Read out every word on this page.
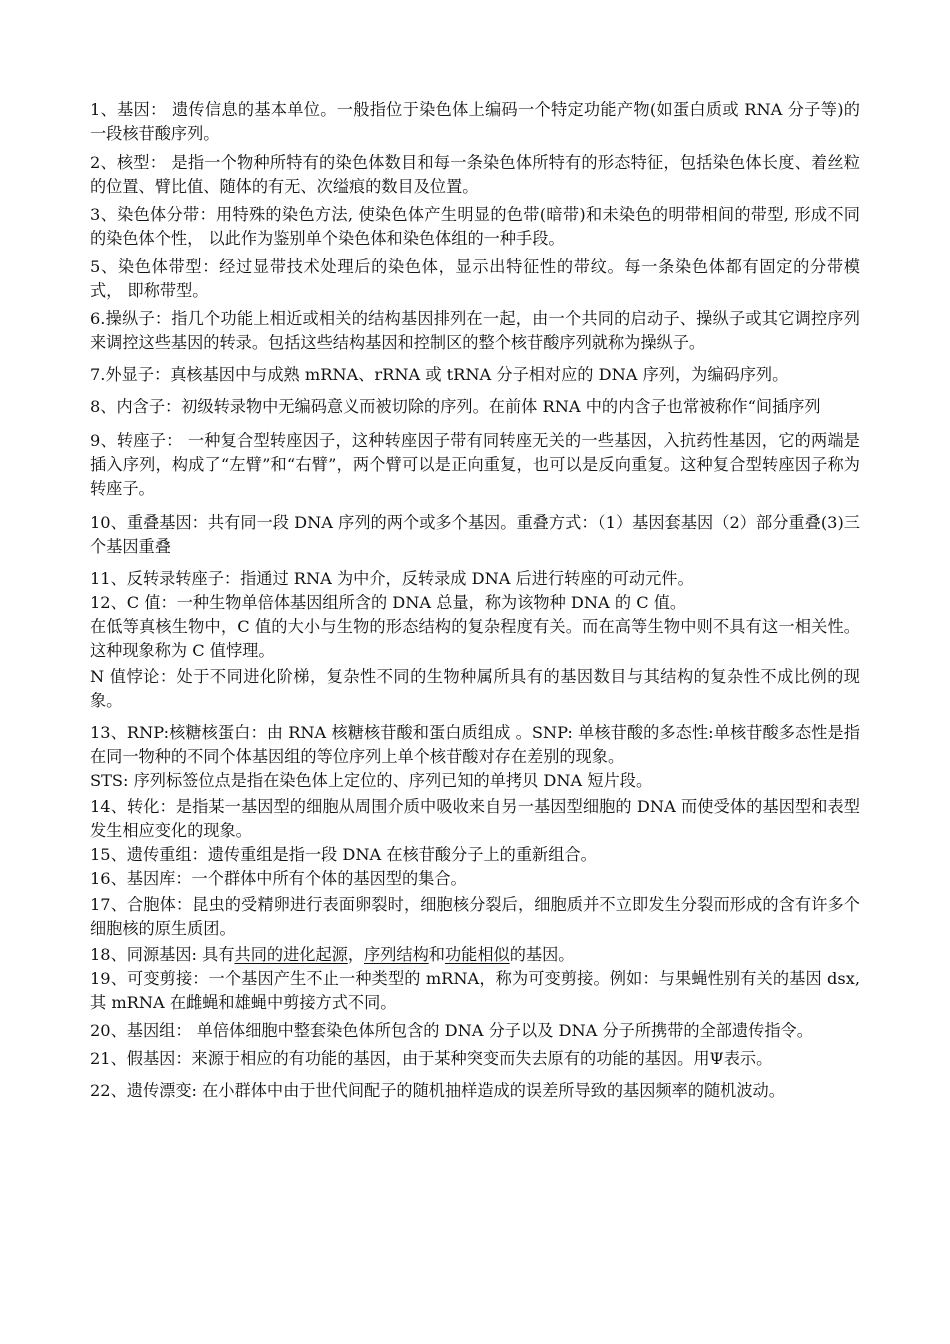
1、基因： 遗传信息的基本单位。一般指位于染色体上编码一个特定功能产物(如蛋白质或 RNA 分子等)的一段核苷酸序列。

2、核型： 是指一个物种所特有的染色体数目和每一条染色体所特有的形态特征，包括染色体长度、着丝粒的位置、臂比值、随体的有无、次缢痕的数目及位置。

3、染色体分带：用特殊的染色方法, 使染色体产生明显的色带(暗带)和未染色的明带相间的带型, 形成不同的染色体个性， 以此作为鉴别单个染色体和染色体组的一种手段。

5、染色体带型：经过显带技术处理后的染色体，显示出特征性的带纹。每一条染色体都有固定的分带模式， 即称带型。

6.操纵子：指几个功能上相近或相关的结构基因排列在一起，由一个共同的启动子、操纵子或其它调控序列来调控这些基因的转录。包括这些结构基因和控制区的整个核苷酸序列就称为操纵子。

7.外显子：真核基因中与成熟 mRNA、rRNA 或 tRNA 分子相对应的 DNA 序列，为编码序列。

8、内含子：初级转录物中无编码意义而被切除的序列。在前体 RNA 中的内含子也常被称作“间插序列

9、转座子： 一种复合型转座因子，这种转座因子带有同转座无关的一些基因，入抗药性基因，它的两端是插入序列，构成了“左臂”和“右臂”，两个臂可以是正向重复，也可以是反向重复。这种复合型转座因子称为转座子。

10、重叠基因：共有同一段 DNA 序列的两个或多个基因。重叠方式：（1）基因套基因（2）部分重叠(3)三个基因重叠

11、反转录转座子：指通过 RNA 为中介，反转录成 DNA 后进行转座的可动元件。

12、C 值：一种生物单倍体基因组所含的 DNA 总量，称为该物种 DNA 的 C 值。

在低等真核生物中，C 值的大小与生物的形态结构的复杂程度有关。而在高等生物中则不具有这一相关性。这种现象称为 C 值悖理。

N 值悖论：处于不同进化阶梯，复杂性不同的生物种属所具有的基因数目与其结构的复杂性不成比例的现象。

13、RNP:核糖核蛋白：由 RNA 核糖核苷酸和蛋白质组成 。SNP: 单核苷酸的多态性:单核苷酸多态性是指在同一物种的不同个体基因组的等位序列上单个核苷酸对存在差别的现象。

STS: 序列标签位点是指在染色体上定位的、序列已知的单拷贝 DNA 短片段。

14、转化：是指某一基因型的细胞从周围介质中吸收来自另一基因型细胞的 DNA 而使受体的基因型和表型发生相应变化的现象。

15、遗传重组：遗传重组是指一段 DNA 在核苷酸分子上的重新组合。

16、基因库：一个群体中所有个体的基因型的集合。

17、合胞体：昆虫的受精卵进行表面卵裂时，细胞核分裂后，细胞质并不立即发生分裂而形成的含有许多个细胞核的原生质团。

18、同源基因: 具有共同的进化起源，序列结构和功能相似的基因。

19、可变剪接：一个基因产生不止一种类型的 mRNA，称为可变剪接。例如：与果蝇性别有关的基因 dsx, 其 mRNA 在雌蝇和雄蝇中剪接方式不同。

20、基因组： 单倍体细胞中整套染色体所包含的 DNA 分子以及 DNA 分子所携带的全部遗传指令。

21、假基因：来源于相应的有功能的基因，由于某种突变而失去原有的功能的基因。用Ψ表示。

22、遗传漂变: 在小群体中由于世代间配子的随机抽样造成的误差所导致的基因频率的随机波动。
